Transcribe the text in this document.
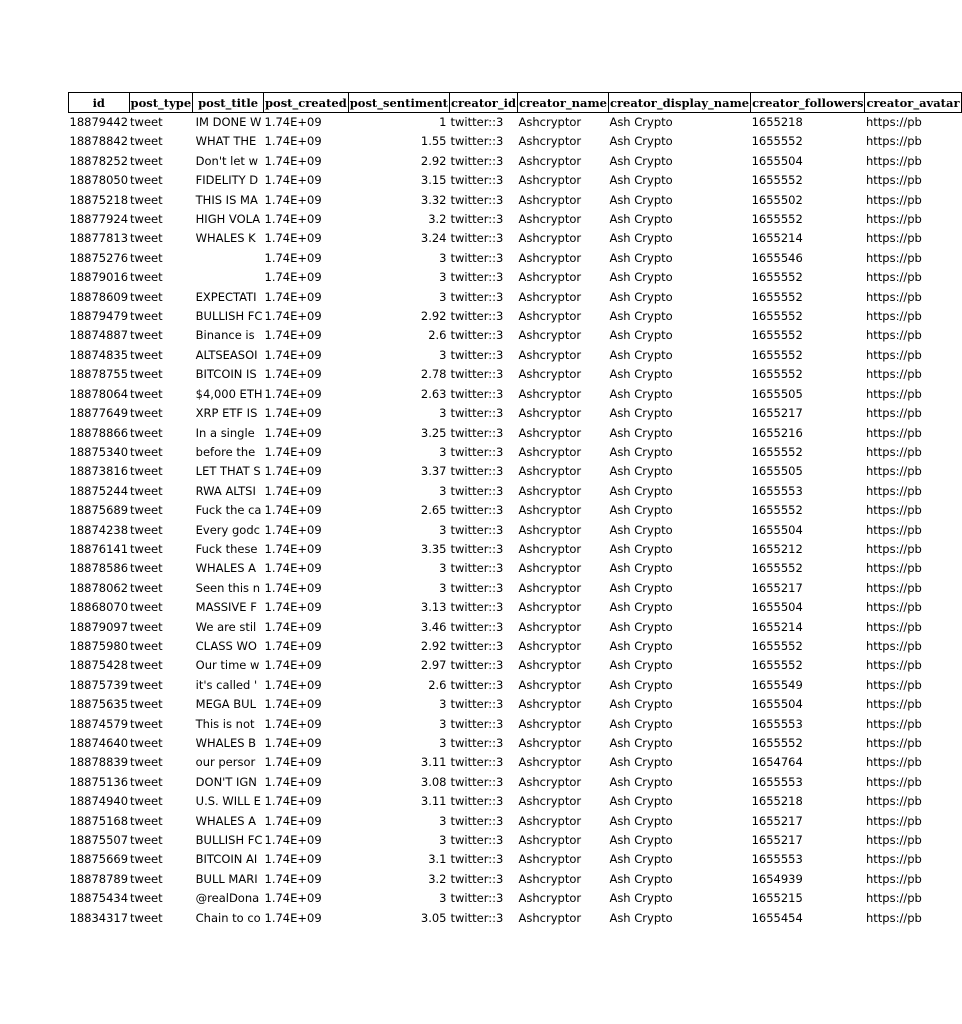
id	post_type	post_title	post_created	post_sentiment	creator_id	creator_name	creator_display_name	creator_followers	creator_avatar

18879442	tweet	IM DONE W	1.74E+09	1	twitter::3	Ashcryptor	Ash Crypto	1655218	https://pb
18878842	tweet	WHAT THE	1.74E+09	1.55	twitter::3	Ashcryptor	Ash Crypto	1655552	https://pb
18878252	tweet	Don't let w	1.74E+09	2.92	twitter::3	Ashcryptor	Ash Crypto	1655504	https://pb
18878050	tweet	FIDELITY D	1.74E+09	3.15	twitter::3	Ashcryptor	Ash Crypto	1655552	https://pb
18875218	tweet	THIS IS MA	1.74E+09	3.32	twitter::3	Ashcryptor	Ash Crypto	1655502	https://pb
18877924	tweet	HIGH VOLA	1.74E+09	3.2	twitter::3	Ashcryptor	Ash Crypto	1655552	https://pb
18877813	tweet	WHALES K	1.74E+09	3.24	twitter::3	Ashcryptor	Ash Crypto	1655214	https://pb
18875276	tweet		1.74E+09	3	twitter::3	Ashcryptor	Ash Crypto	1655546	https://pb
18879016	tweet		1.74E+09	3	twitter::3	Ashcryptor	Ash Crypto	1655552	https://pb
18878609	tweet	EXPECTATI	1.74E+09	3	twitter::3	Ashcryptor	Ash Crypto	1655552	https://pb
18879479	tweet	BULLISH FC	1.74E+09	2.92	twitter::3	Ashcryptor	Ash Crypto	1655552	https://pb
18874887	tweet	Binance is	1.74E+09	2.6	twitter::3	Ashcryptor	Ash Crypto	1655552	https://pb
18874835	tweet	ALTSEASOI	1.74E+09	3	twitter::3	Ashcryptor	Ash Crypto	1655552	https://pb
18878755	tweet	BITCOIN IS	1.74E+09	2.78	twitter::3	Ashcryptor	Ash Crypto	1655552	https://pb
18878064	tweet	$4,000 ETH	1.74E+09	2.63	twitter::3	Ashcryptor	Ash Crypto	1655505	https://pb
18877649	tweet	XRP ETF IS	1.74E+09	3	twitter::3	Ashcryptor	Ash Crypto	1655217	https://pb
18878866	tweet	In a single	1.74E+09	3.25	twitter::3	Ashcryptor	Ash Crypto	1655216	https://pb
18875340	tweet	before the	1.74E+09	3	twitter::3	Ashcryptor	Ash Crypto	1655552	https://pb
18873816	tweet	LET THAT S	1.74E+09	3.37	twitter::3	Ashcryptor	Ash Crypto	1655505	https://pb
18875244	tweet	RWA ALTSI	1.74E+09	3	twitter::3	Ashcryptor	Ash Crypto	1655553	https://pb
18875689	tweet	Fuck the ca	1.74E+09	2.65	twitter::3	Ashcryptor	Ash Crypto	1655552	https://pb
18874238	tweet	Every godc	1.74E+09	3	twitter::3	Ashcryptor	Ash Crypto	1655504	https://pb
18876141	tweet	Fuck these	1.74E+09	3.35	twitter::3	Ashcryptor	Ash Crypto	1655212	https://pb
18878586	tweet	WHALES A	1.74E+09	3	twitter::3	Ashcryptor	Ash Crypto	1655552	https://pb
18878062	tweet	Seen this n	1.74E+09	3	twitter::3	Ashcryptor	Ash Crypto	1655217	https://pb
18868070	tweet	MASSIVE F	1.74E+09	3.13	twitter::3	Ashcryptor	Ash Crypto	1655504	https://pb
18879097	tweet	We are stil	1.74E+09	3.46	twitter::3	Ashcryptor	Ash Crypto	1655214	https://pb
18875980	tweet	CLASS WO	1.74E+09	2.92	twitter::3	Ashcryptor	Ash Crypto	1655552	https://pb
18875428	tweet	Our time w	1.74E+09	2.97	twitter::3	Ashcryptor	Ash Crypto	1655552	https://pb
18875739	tweet	it's called '	1.74E+09	2.6	twitter::3	Ashcryptor	Ash Crypto	1655549	https://pb
18875635	tweet	MEGA BUL	1.74E+09	3	twitter::3	Ashcryptor	Ash Crypto	1655504	https://pb
18874579	tweet	This is not	1.74E+09	3	twitter::3	Ashcryptor	Ash Crypto	1655553	https://pb
18874640	tweet	WHALES B	1.74E+09	3	twitter::3	Ashcryptor	Ash Crypto	1655552	https://pb
18878839	tweet	our persor	1.74E+09	3.11	twitter::3	Ashcryptor	Ash Crypto	1654764	https://pb
18875136	tweet	DON'T IGN	1.74E+09	3.08	twitter::3	Ashcryptor	Ash Crypto	1655553	https://pb
18874940	tweet	U.S. WILL E	1.74E+09	3.11	twitter::3	Ashcryptor	Ash Crypto	1655218	https://pb
18875168	tweet	WHALES A	1.74E+09	3	twitter::3	Ashcryptor	Ash Crypto	1655217	https://pb
18875507	tweet	BULLISH FC	1.74E+09	3	twitter::3	Ashcryptor	Ash Crypto	1655217	https://pb
18875669	tweet	BITCOIN AI	1.74E+09	3.1	twitter::3	Ashcryptor	Ash Crypto	1655553	https://pb
18878789	tweet	BULL MARI	1.74E+09	3.2	twitter::3	Ashcryptor	Ash Crypto	1654939	https://pb
18875434	tweet	@realDona	1.74E+09	3	twitter::3	Ashcryptor	Ash Crypto	1655215	https://pb
18834317	tweet	Chain to co	1.74E+09	3.05	twitter::3	Ashcryptor	Ash Crypto	1655454	https://pb
